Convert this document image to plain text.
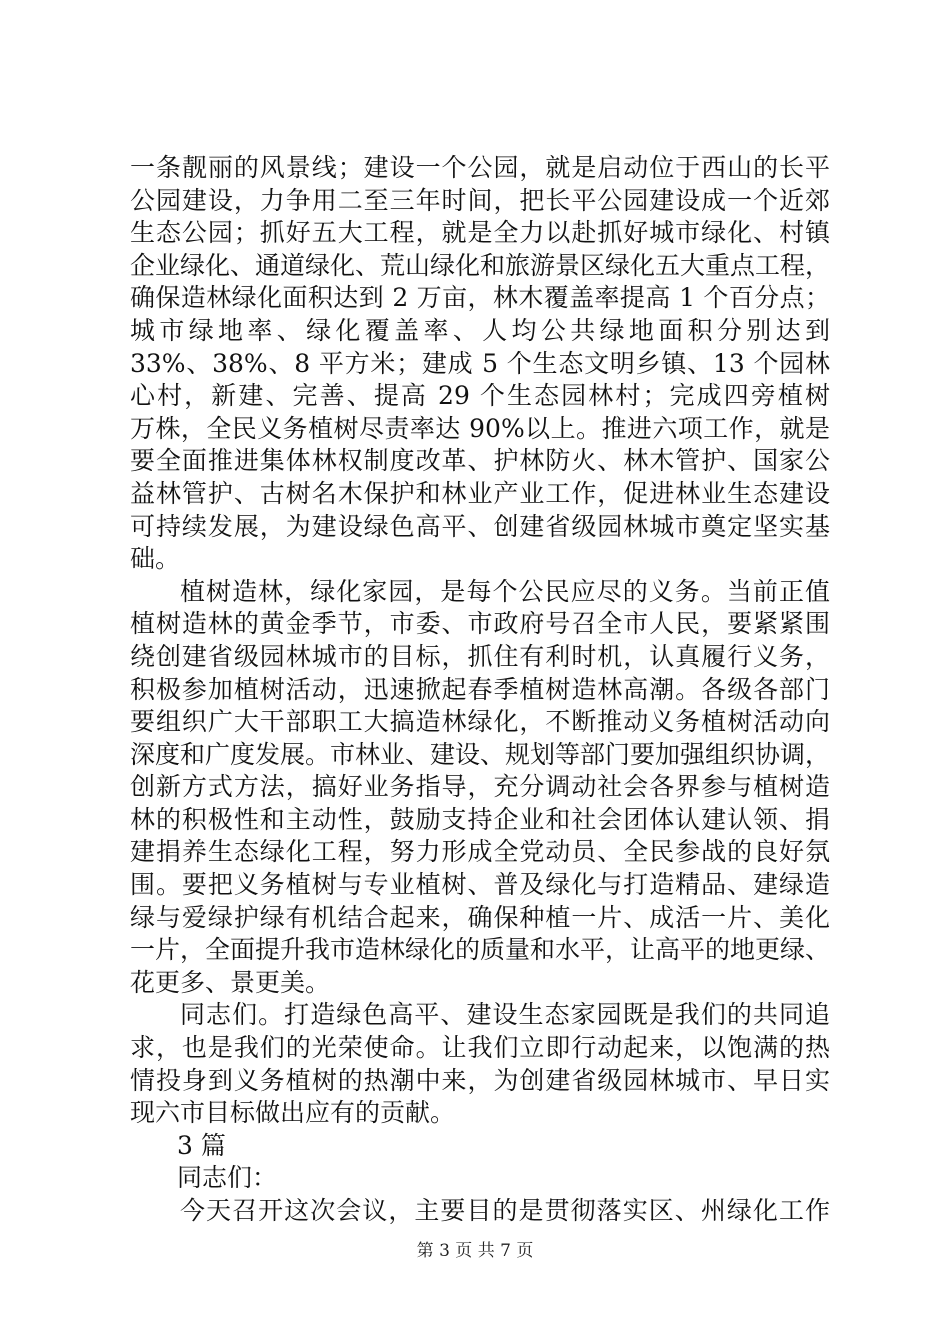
一条靓丽的风景线；建设一个公园，就是启动位于西山的长平
公园建设，力争用二至三年时间，把长平公园建设成一个近郊
生态公园；抓好五大工程，就是全力以赴抓好城市绿化、村镇
企业绿化、通道绿化、荒山绿化和旅游景区绿化五大重点工程，
确保造林绿化面积达到 2 万亩，林木覆盖率提高 1 个百分点；
城市绿地率、绿化覆盖率、人均公共绿地面积分别达到
33%、38%、8 平方米；建成 5 个生态文明乡镇、13 个园林
心村，新建、完善、提高 29 个生态园林村；完成四旁植树
万株，全民义务植树尽责率达 90%以上。推进六项工作，就是
要全面推进集体林权制度改革、护林防火、林木管护、国家公
益林管护、古树名木保护和林业产业工作，促进林业生态建设
可持续发展，为建设绿色高平、创建省级园林城市奠定坚实基
础。
植树造林，绿化家园，是每个公民应尽的义务。当前正值
植树造林的黄金季节，市委、市政府号召全市人民，要紧紧围
绕创建省级园林城市的目标，抓住有利时机，认真履行义务，
积极参加植树活动，迅速掀起春季植树造林高潮。各级各部门
要组织广大干部职工大搞造林绿化，不断推动义务植树活动向
深度和广度发展。市林业、建设、规划等部门要加强组织协调，
创新方式方法，搞好业务指导，充分调动社会各界参与植树造
林的积极性和主动性，鼓励支持企业和社会团体认建认领、捐
建捐养生态绿化工程，努力形成全党动员、全民参战的良好氛
围。要把义务植树与专业植树、普及绿化与打造精品、建绿造
绿与爱绿护绿有机结合起来，确保种植一片、成活一片、美化
一片，全面提升我市造林绿化的质量和水平，让高平的地更绿、
花更多、景更美。
同志们。打造绿色高平、建设生态家园既是我们的共同追
求，也是我们的光荣使命。让我们立即行动起来，以饱满的热
情投身到义务植树的热潮中来，为创建省级园林城市、早日实
现六市目标做出应有的贡献。
3 篇
同志们：
今天召开这次会议，主要目的是贯彻落实区、州绿化工作
第 3 页 共 7 页
